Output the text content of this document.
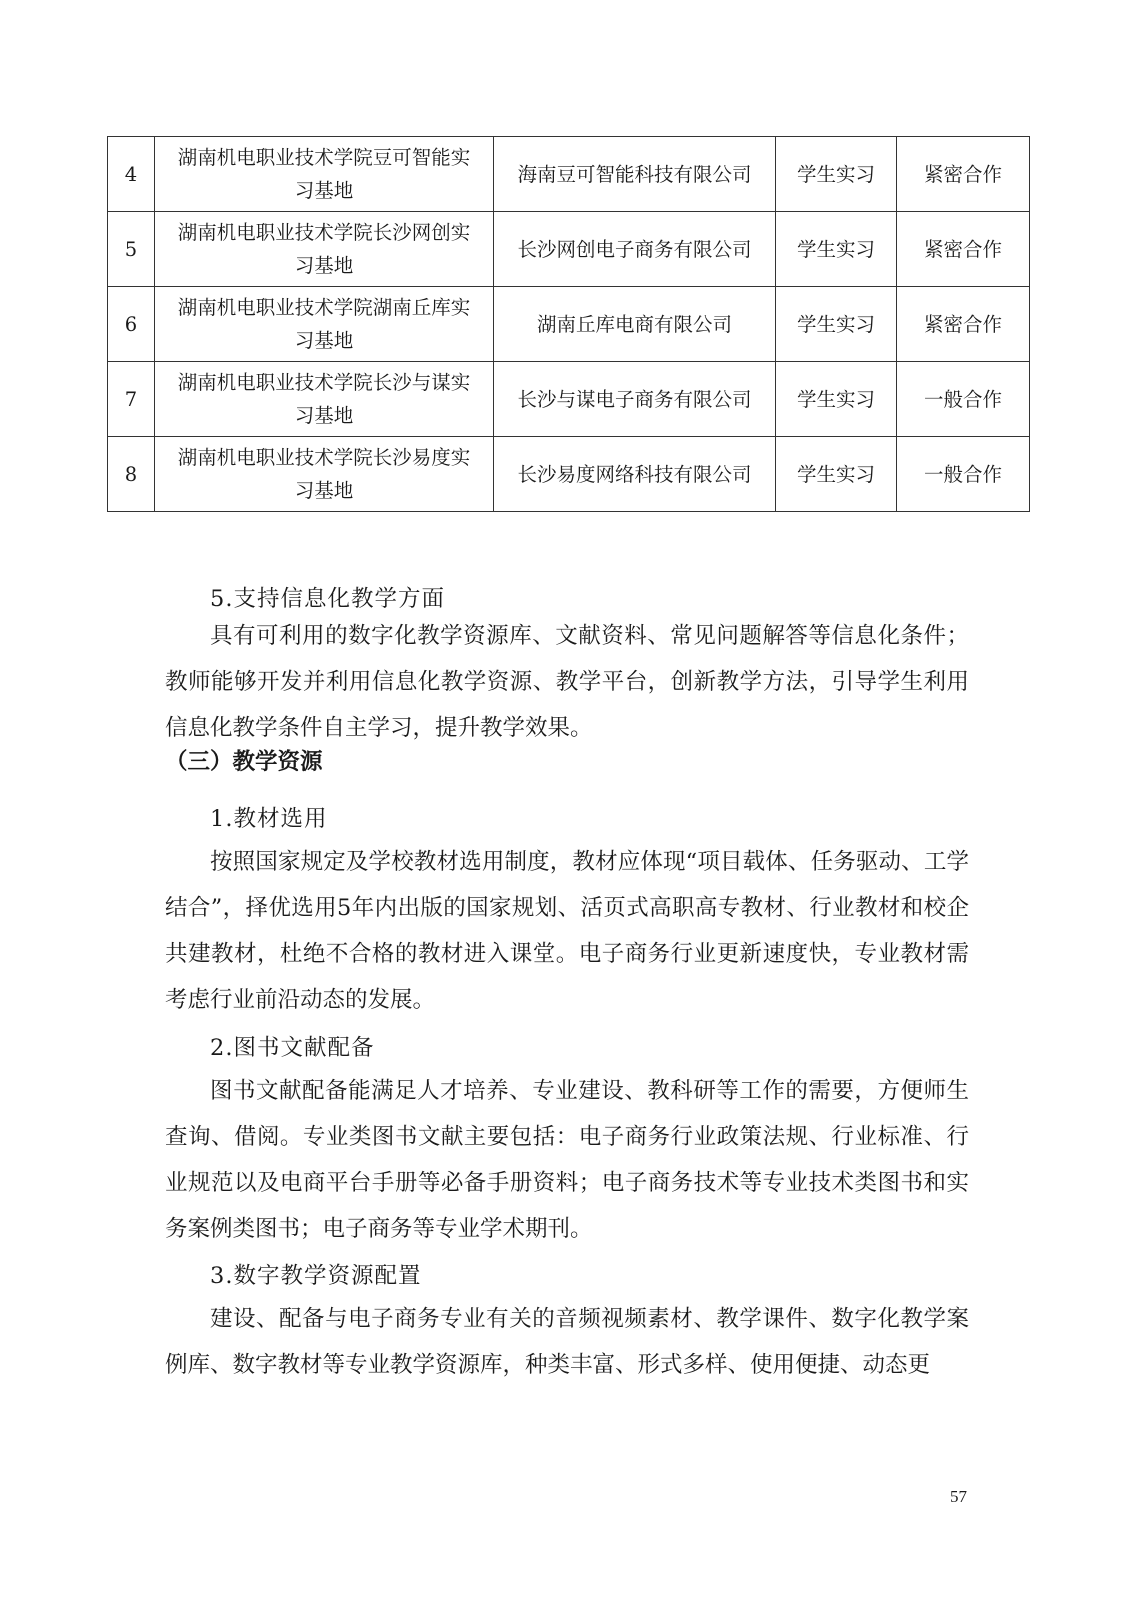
4	湖南机电职业技术学院豆可智能实习基地	海南豆可智能科技有限公司	学生实习	紧密合作
5	湖南机电职业技术学院长沙网创实习基地	长沙网创电子商务有限公司	学生实习	紧密合作
6	湖南机电职业技术学院湖南丘库实习基地	湖南丘库电商有限公司	学生实习	紧密合作
7	湖南机电职业技术学院长沙与谋实习基地	长沙与谋电子商务有限公司	学生实习	一般合作
8	湖南机电职业技术学院长沙易度实习基地	长沙易度网络科技有限公司	学生实习	一般合作

5.支持信息化教学方面

具有可利用的数字化教学资源库、文献资料、常见问题解答等信息化条件；教师能够开发并利用信息化教学资源、教学平台，创新教学方法，引导学生利用信息化教学条件自主学习，提升教学效果。

（三）教学资源

1.教材选用

按照国家规定及学校教材选用制度，教材应体现“项目载体、任务驱动、工学结合”，择优选用5年内出版的国家规划、活页式高职高专教材、行业教材和校企共建教材，杜绝不合格的教材进入课堂。电子商务行业更新速度快，专业教材需考虑行业前沿动态的发展。

2.图书文献配备

图书文献配备能满足人才培养、专业建设、教科研等工作的需要，方便师生查询、借阅。专业类图书文献主要包括：电子商务行业政策法规、行业标准、行业规范以及电商平台手册等必备手册资料；电子商务技术等专业技术类图书和实务案例类图书；电子商务等专业学术期刊。

3.数字教学资源配置

建设、配备与电子商务专业有关的音频视频素材、教学课件、数字化教学案例库、数字教材等专业教学资源库，种类丰富、形式多样、使用便捷、动态更

57
